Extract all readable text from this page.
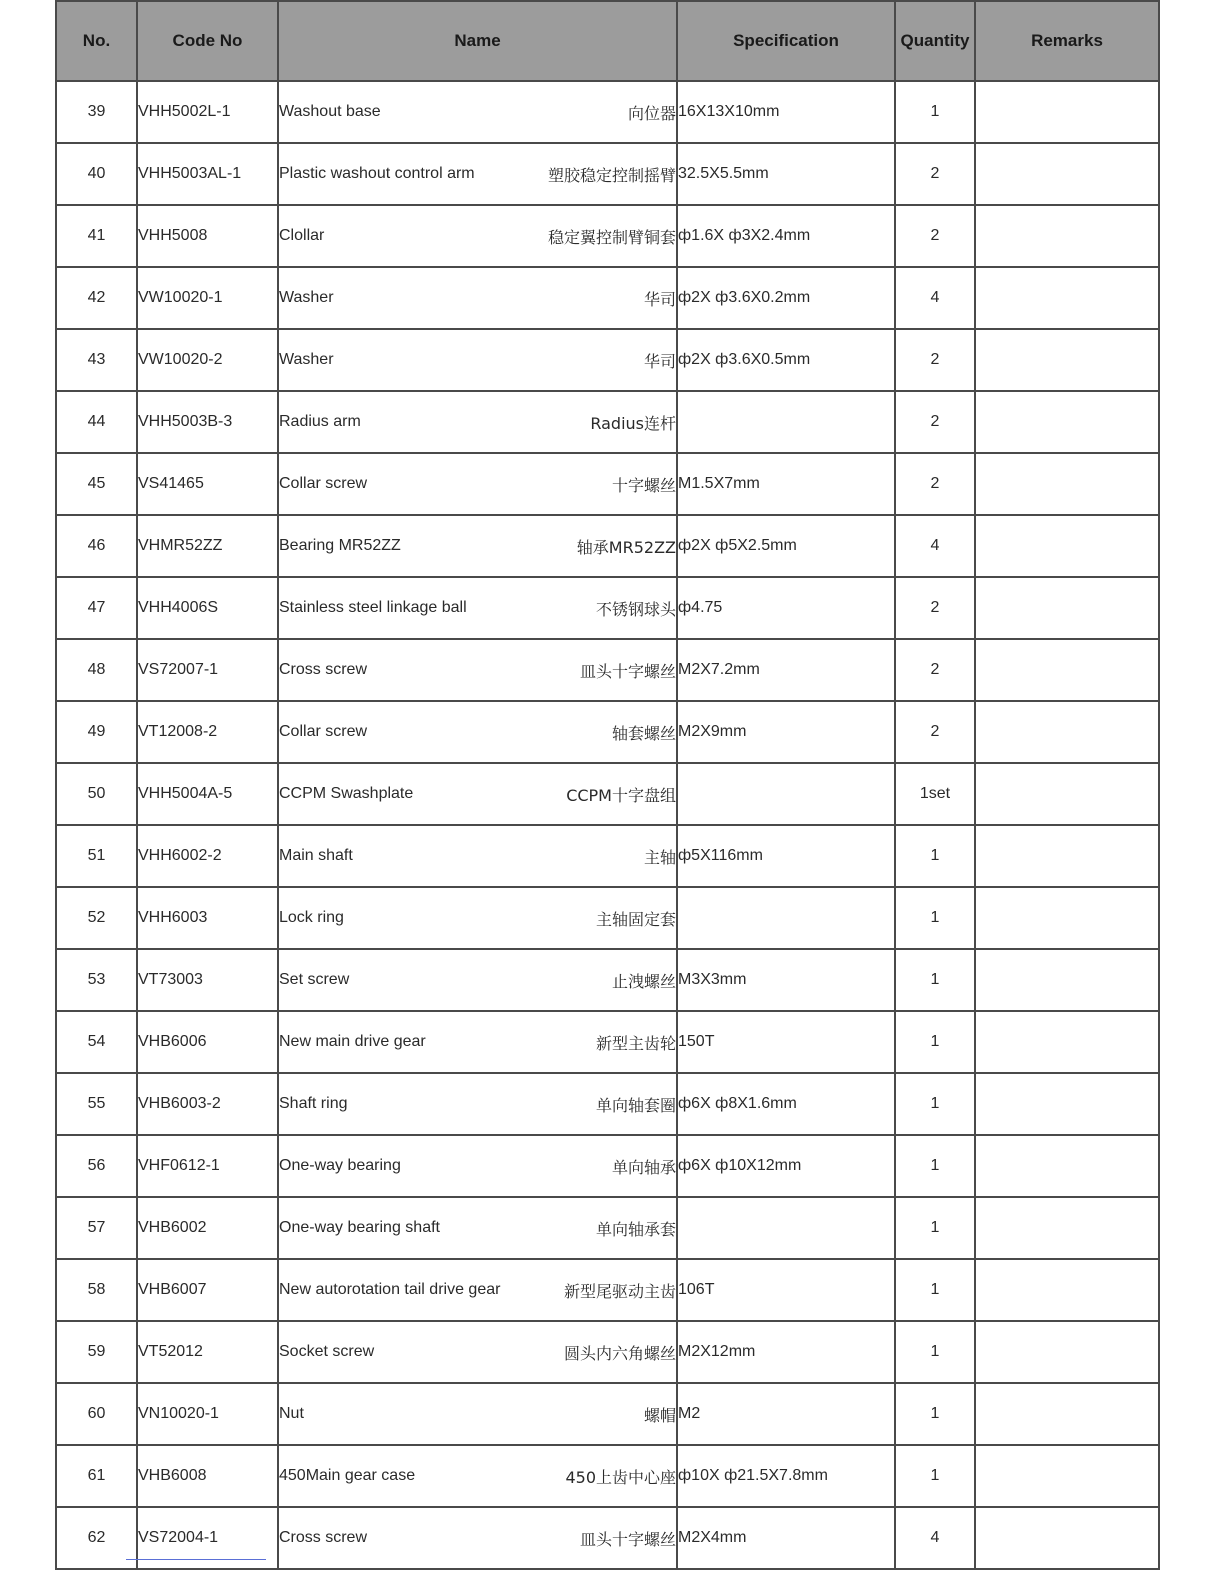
No.	Code No	Name	Specification	Quantity	Remarks
39	VHH5002L-1	Washout base 向位器	16X13X10mm	1	
40	VHH5003AL-1	Plastic washout control arm 塑胶稳定控制摇臂	32.5X5.5mm	2	
41	VHH5008	Clollar 稳定翼控制臂铜套	ф1.6X ф3X2.4mm	2	
42	VW10020-1	Washer 华司	ф2X ф3.6X0.2mm	4	
43	VW10020-2	Washer 华司	ф2X ф3.6X0.5mm	2	
44	VHH5003B-3	Radius arm Radius连杆		2	
45	VS41465	Collar screw 十字螺丝	M1.5X7mm	2	
46	VHMR52ZZ	Bearing MR52ZZ 轴承MR52ZZ	ф2X ф5X2.5mm	4	
47	VHH4006S	Stainless steel linkage ball 不锈钢球头	ф4.75	2	
48	VS72007-1	Cross screw 皿头十字螺丝	M2X7.2mm	2	
49	VT12008-2	Collar screw 轴套螺丝	M2X9mm	2	
50	VHH5004A-5	CCPM Swashplate CCPM十字盘组		1set	
51	VHH6002-2	Main shaft 主轴	ф5X116mm	1	
52	VHH6003	Lock ring 主轴固定套		1	
53	VT73003	Set screw 止洩螺丝	M3X3mm	1	
54	VHB6006	New main drive gear 新型主齿轮	150T	1	
55	VHB6003-2	Shaft ring 单向轴套圈	ф6X ф8X1.6mm	1	
56	VHF0612-1	One-way bearing 单向轴承	ф6X ф10X12mm	1	
57	VHB6002	One-way bearing shaft 单向轴承套		1	
58	VHB6007	New autorotation tail drive gear 新型尾驱动主齿	106T	1	
59	VT52012	Socket screw 圆头内六角螺丝	M2X12mm	1	
60	VN10020-1	Nut 螺帽	M2	1	
61	VHB6008	450Main gear case 450上齿中心座	ф10X ф21.5X7.8mm	1	
62	VS72004-1	Cross screw 皿头十字螺丝	M2X4mm	4	
